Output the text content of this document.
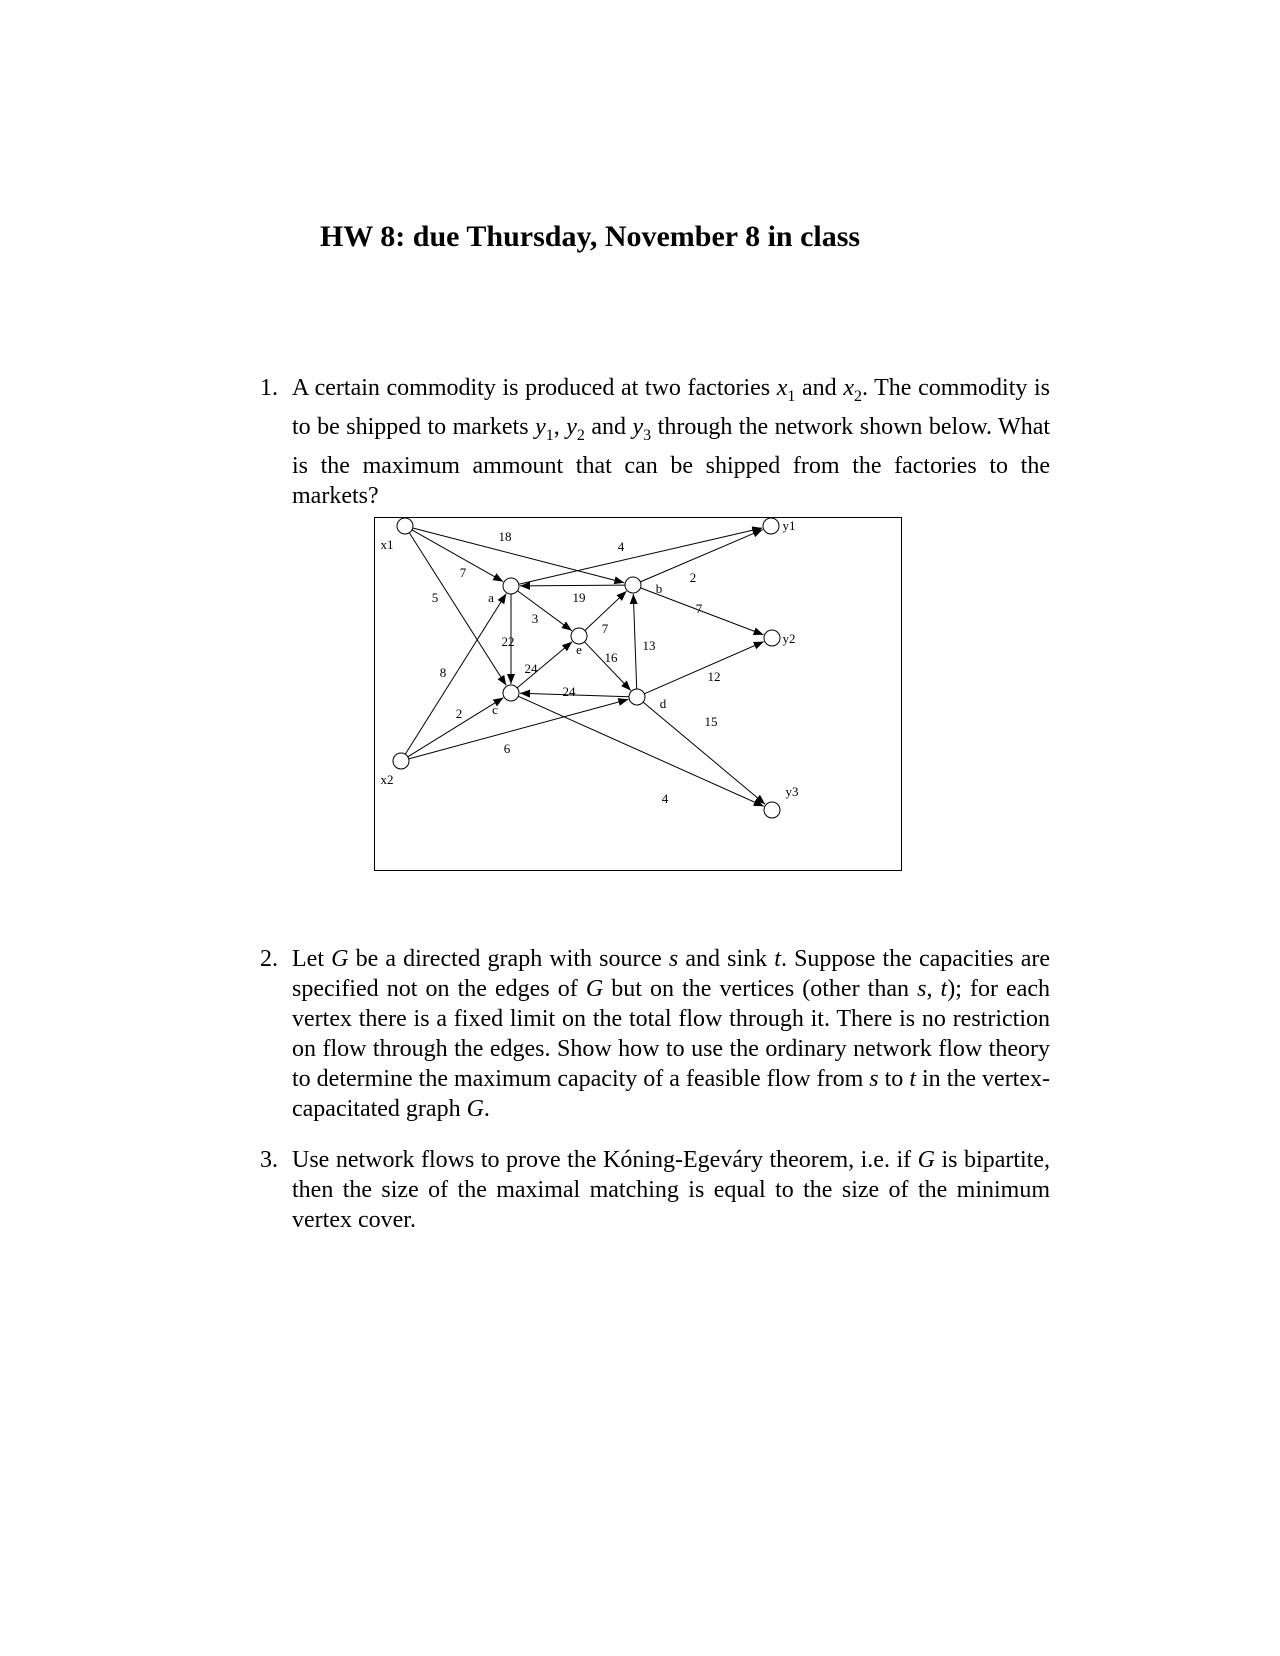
HW 8: due Thursday, November 8 in class
1. A certain commodity is produced at two factories $x_1$ and $x_2$. The commodity is to be shipped to markets $y_1$, $y_2$ and $y_3$ through the network shown below. What is the maximum ammount that can be shipped from the factories to the markets?
7
18
5
8
2
6
4
22
3
19
2
7
24
4
24
13
12
15
7
16
x1
x2
y1
y2
y3
a
b
c	d
e
2. Let G be a directed graph with source s and sink t. Suppose the capacities are specified not on the edges of G but on the vertices (other than s, t); for each vertex there is a fixed limit on the total flow through it. There is no restriction on flow through the edges. Show how to use the ordinary network flow theory to determine the maximum capacity of a feasible flow from s to t in the vertex-capacitated graph G.
3. Use network flows to prove the Kóning-Egeváry theorem, i.e. if G is bipartite, then the size of the maximal matching is equal to the size of the minimum vertex cover.
